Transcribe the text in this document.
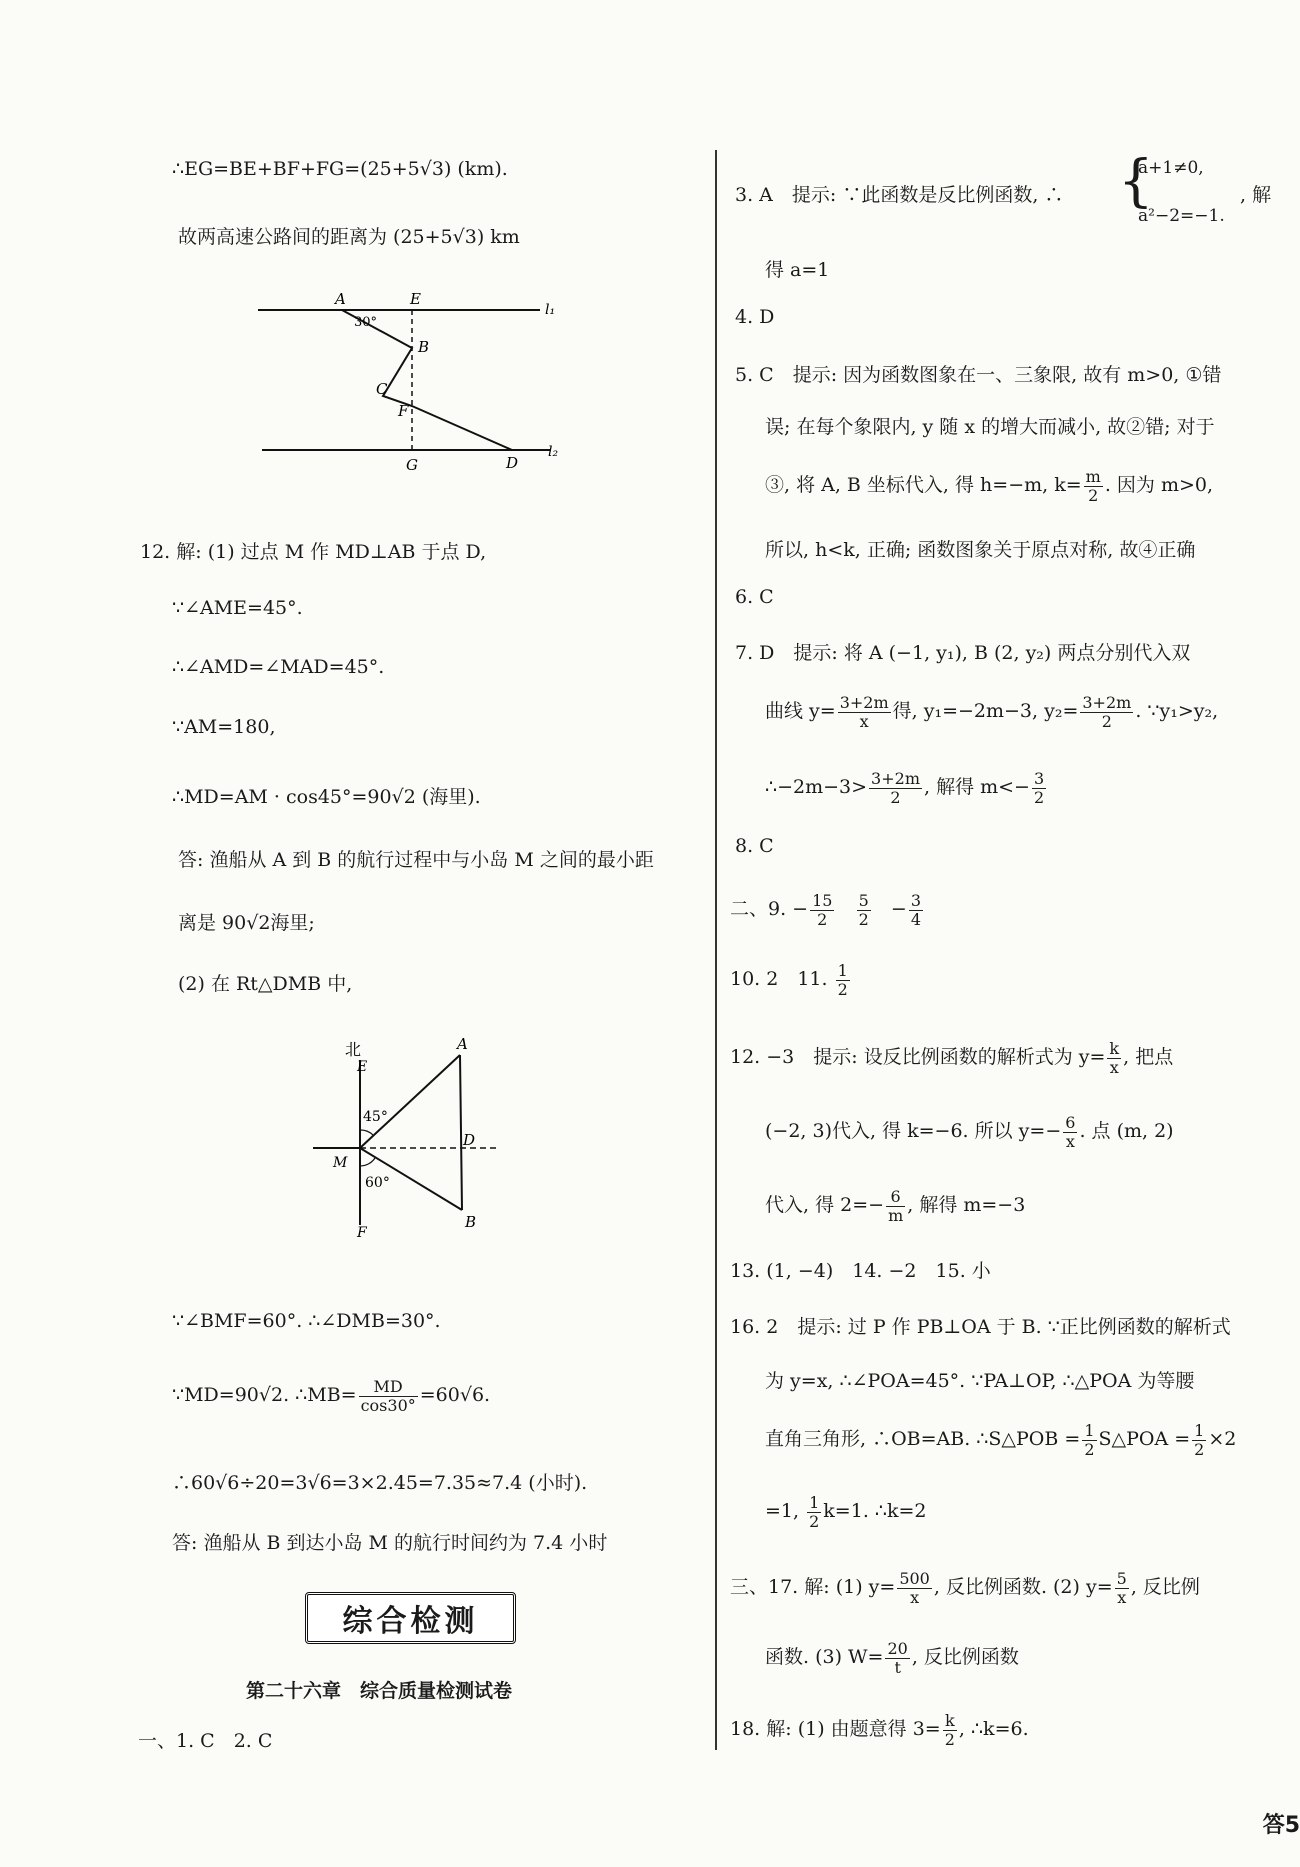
∴EG=BE+BF+FG=(25+5√3) (km).
故两高速公路间的距离为 (25+5√3) km
A	E
B
C
F
G	D
l₁
l₂
30°
12. 解: (1) 过点 M 作 MD⊥AB 于点 D,
∵∠AME=45°.
∴∠AMD=∠MAD=45°.
∵AM=180,
∴MD=AM · cos45°=90√2 (海里).
答: 渔船从 A 到 B 的航行过程中与小岛 M 之间的最小距
离是 90√2海里;
(2) 在 Rt△DMB 中,
北
E
A
45°
D
M
60°
F
B
∵∠BMF=60°. ∴∠DMB=30°.
∵MD=90√2. ∴MB= $\frac{MD}{\cos 30^\circ} =60√6$.
∴60√6÷20=3√6=3×2.45=7.35≈7.4 (小时).
答: 渔船从 B 到达小岛 M 的航行时间约为 7.4 小时
综合检测
第二十六章　综合质量检测试卷
一、1. C　2. C
3. A　提示: ∵此函数是反比例函数, ∴ {
a+1≠0,
a²−2=−1.
, 解
得 a=1
4. D
5. C　提示: 因为函数图象在一、三象限, 故有 m>0, ①错
误; 在每个象限内, y 随 x 的增大而减小, 故②错; 对于
③, 将 A, B 坐标代入, 得 h=−m, $k= \frac{m}{2}$ . 因为 m>0,
所以, h<k, 正确; 函数图象关于原点对称, 故④正确
6. C
7. D　提示: 将 A (−1, y₁), B (2, y₂) 两点分别代入双
曲线 $y= \frac{3+2m}{x}$ 得, y₁=−2m−3, $y_2= \frac{3+2m}{2}$ . ∵y₁>y₂,
∴−2m−3> $\frac{3+2m}{2}$ , 解得 $m<- \frac{3}{2}$
8. C
二、9. − $\frac{15}{2}$
$\frac{5}{2} - \frac{3}{4}$
10. 2　11. $\frac{1}{2}$
12. −3　提示: 设反比例函数的解析式为 $y= \frac{k}{x}$ , 把点
(−2, 3)代入, 得 k=−6. 所以 $y=- \frac{6}{x}$ . 点 (m, 2)
代入, 得 $2=- \frac{6}{m}$ , 解得 m=−3
13. (1, −4)　14. −2　15. 小
16. 2　提示: 过 P 作 PB⊥OA 于 B. ∵正比例函数的解析式
为 y=x, ∴∠POA=45°. ∵PA⊥OP, ∴△POA 为等腰
直角三角形, ∴OB=AB. ∴S△POB = $\frac{1}{2}$ S△POA = $\frac{1}{2} \times 2$
=1, $\frac{1}{2} k=1$. ∴k=2
三、17. 解: (1) $y= \frac{500}{x}$ , 反比例函数. (2) $y= \frac{5}{x}$ , 反比例
函数. (3) $W= \frac{20}{t}$ , 反比例函数
18. 解: (1) 由题意得 $3= \frac{k}{2}$ , ∴k=6.
答5
